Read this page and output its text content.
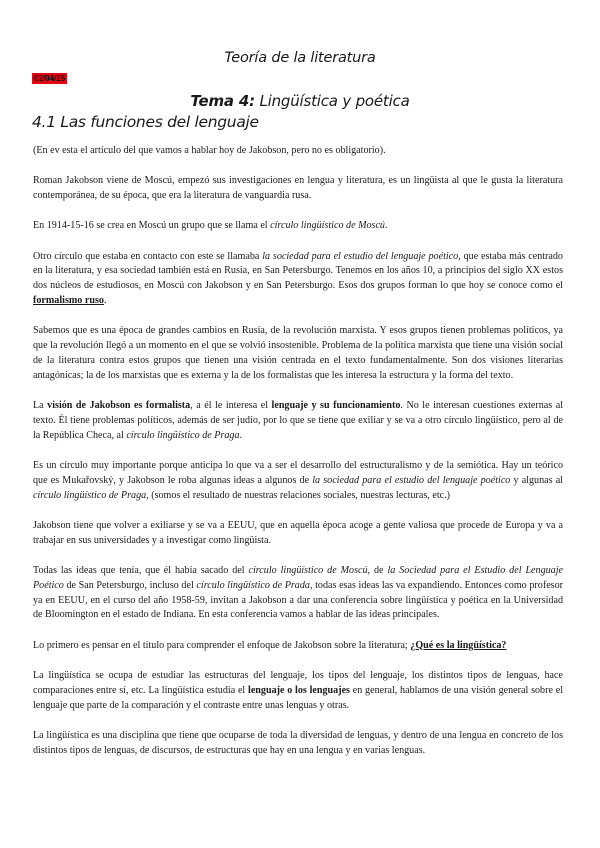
Teoría de la literatura
02/04/25
Tema 4: Lingüística y poética
4.1 Las funciones del lenguaje

(En ev esta el artículo del que vamos a hablar hoy de Jakobson, pero no es obligatorio).

Roman Jakobson viene de Moscú, empezó sus investigaciones en lengua y literatura, es un lingüista al que le gusta la literatura contemporánea, de su época, que era la literatura de vanguardia rusa.

En 1914-15-16 se crea en Moscú un grupo que se llama el círculo lingüístico de Moscú.

Otro círculo que estaba en contacto con este se llamaba la sociedad para el estudio del lenguaje poético, que estaba más centrado en la literatura, y esa sociedad también está en Rusia, en San Petersburgo. Tenemos en los años 10, a principios del siglo XX estos dos núcleos de estudiosos, en Moscú con Jakobson y en San Petersburgo. Esos dos grupos forman lo que hoy se conoce como el formalismo ruso.

Sabemos que es una época de grandes cambios en Rusia, de la revolución marxista. Y esos grupos tienen problemas políticos, ya que la revolución llegó a un momento en el que se volvió insostenible. Problema de la política marxista que tiene una visión social de la literatura contra estos grupos que tienen una visión centrada en el texto fundamentalmente. Son dos visiones literarias antagónicas; la de los marxistas que es externa y la de los formalistas que les interesa la estructura y la forma del texto.

La visión de Jakobson es formalista, a él le interesa el lenguaje y su funcionamiento. No le interesan cuestiones externas al texto. Él tiene problemas políticos, además de ser judío, por lo que se tiene que exiliar y se va a otro círculo lingüístico, pero al de la República Checa, al círculo lingüístico de Praga.

Es un círculo muy importante porque anticipa lo que va a ser el desarrollo del estructuralismo y de la semiótica. Hay un teórico que es Mukařovský, y Jakobson le roba algunas ideas a algunos de la sociedad para el estudio del lenguaje poético y algunas al círculo lingüístico de Praga, (somos el resultado de nuestras relaciones sociales, nuestras lecturas, etc.)

Jakobson tiene que volver a exiliarse y se va a EEUU, que en aquella época acoge a gente valiosa que procede de Europa y va a trabajar en sus universidades y a investigar como lingüista.

Todas las ideas que tenía, que él había sacado del círculo lingüístico de Moscú, de la Sociedad para el Estudio del Lenguaje Poético de San Petersburgo, incluso del círculo lingüístico de Prada, todas esas ideas las va expandiendo. Entonces como profesor ya en EEUU, en el curso del año 1958-59, invitan a Jakobson a dar una conferencia sobre lingüística y poética en la Universidad de Bloomington en el estado de Indiana. En esta conferencia vamos a hablar de las ideas principales.

Lo primero es pensar en el título para comprender el enfoque de Jakobson sobre la literatura; ¿Qué es la lingüística?

La lingüística se ocupa de estudiar las estructuras del lenguaje, los tipos del lenguaje, los distintos tipos de lenguas, hace comparaciones entre sí, etc. La lingüística estudia el lenguaje o los lenguajes en general, hablamos de una visión general sobre el lenguaje que parte de la comparación y el contraste entre unas lenguas y otras.

La lingüística es una disciplina que tiene que ocuparse de toda la diversidad de lenguas, y dentro de una lengua en concreto de los distintos tipos de lenguas, de discursos, de estructuras que hay en una lengua y en varias lenguas.
